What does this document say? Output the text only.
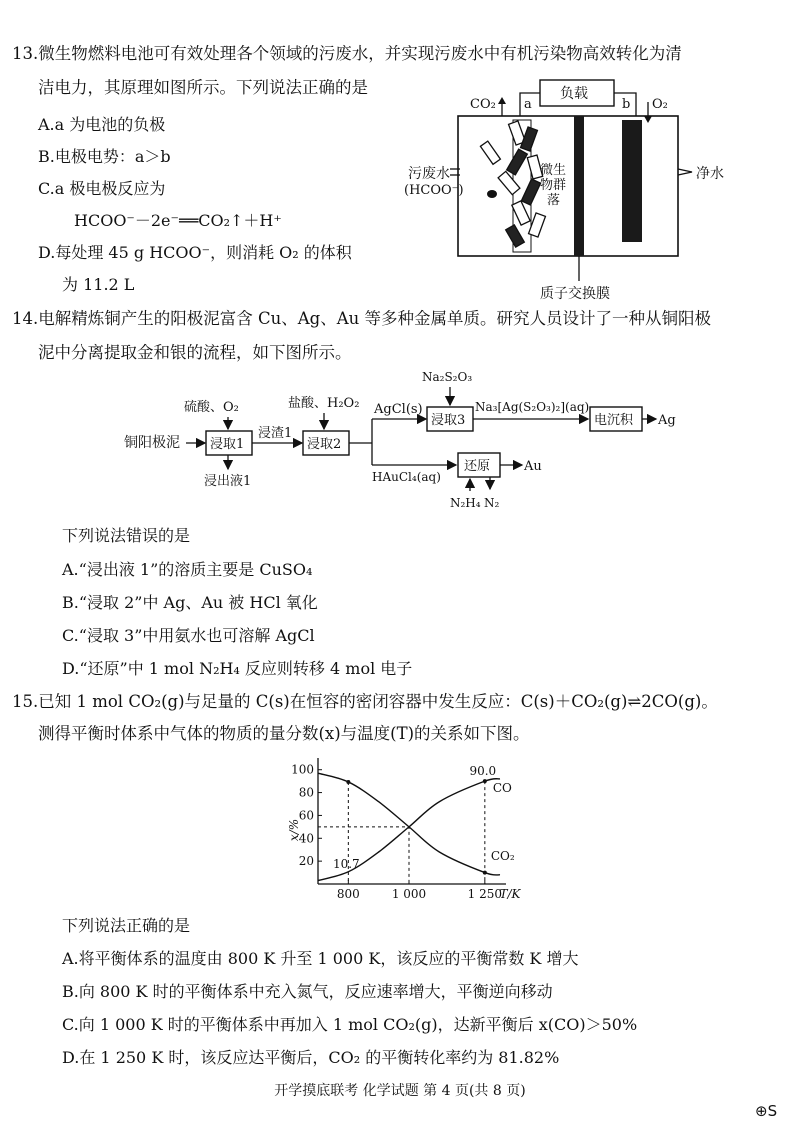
13.微生物燃料电池可有效处理各个领域的污废水，并实现污废水中有机污染物高效转化为清
洁电力，其原理如图所示。下列说法正确的是
A.a 为电池的负极
B.电极电势：a＞b
C.a 极电极反应为
HCOO⁻－2e⁻══CO₂↑＋H⁺
D.每处理 45 g HCOO⁻，则消耗 O₂ 的体积
为 11.2 L
负载
a	b
CO₂	O₂
微生
物群
落
质子交换膜
污废水
(HCOO⁻)
净水
14.电解精炼铜产生的阳极泥富含 Cu、Ag、Au 等多种金属单质。研究人员设计了一种从铜阳极
泥中分离提取金和银的流程，如下图所示。
铜阳极泥
硫酸、O₂
浸取1
浸出液1
浸渣1
盐酸、H₂O₂
浸取2
AgCl(s)
Na₂S₂O₃
浸取3
Na₃[Ag(S₂O₃)₂](aq)
电沉积 Ag
HAuCl₄(aq)
还原	Au
N₂H₄ N₂
下列说法错误的是
A.“浸出液 1”的溶质主要是 CuSO₄
B.“浸取 2”中 Ag、Au 被 HCl 氧化
C.“浸取 3”中用氨水也可溶解 AgCl
D.“还原”中 1 mol N₂H₄ 反应则转移 4 mol 电子
15.已知 1 mol CO₂(g)与足量的 C(s)在恒容的密闭容器中发生反应：C(s)＋CO₂(g)⇌2CO(g)。
测得平衡时体系中气体的物质的量分数(x)与温度(T)的关系如下图。
20
40
60
80
100
x/%
800	1 000	1 250
T/K
90.0
10.7
CO
CO₂
下列说法正确的是
A.将平衡体系的温度由 800 K 升至 1 000 K，该反应的平衡常数 K 增大
B.向 800 K 时的平衡体系中充入氮气，反应速率增大，平衡逆向移动
C.向 1 000 K 时的平衡体系中再加入 1 mol CO₂(g)，达新平衡后 x(CO)＞50%
D.在 1 250 K 时，该反应达平衡后，CO₂ 的平衡转化率约为 81.82%
开学摸底联考 化学试题 第 4 页(共 8 页)
⊕S
